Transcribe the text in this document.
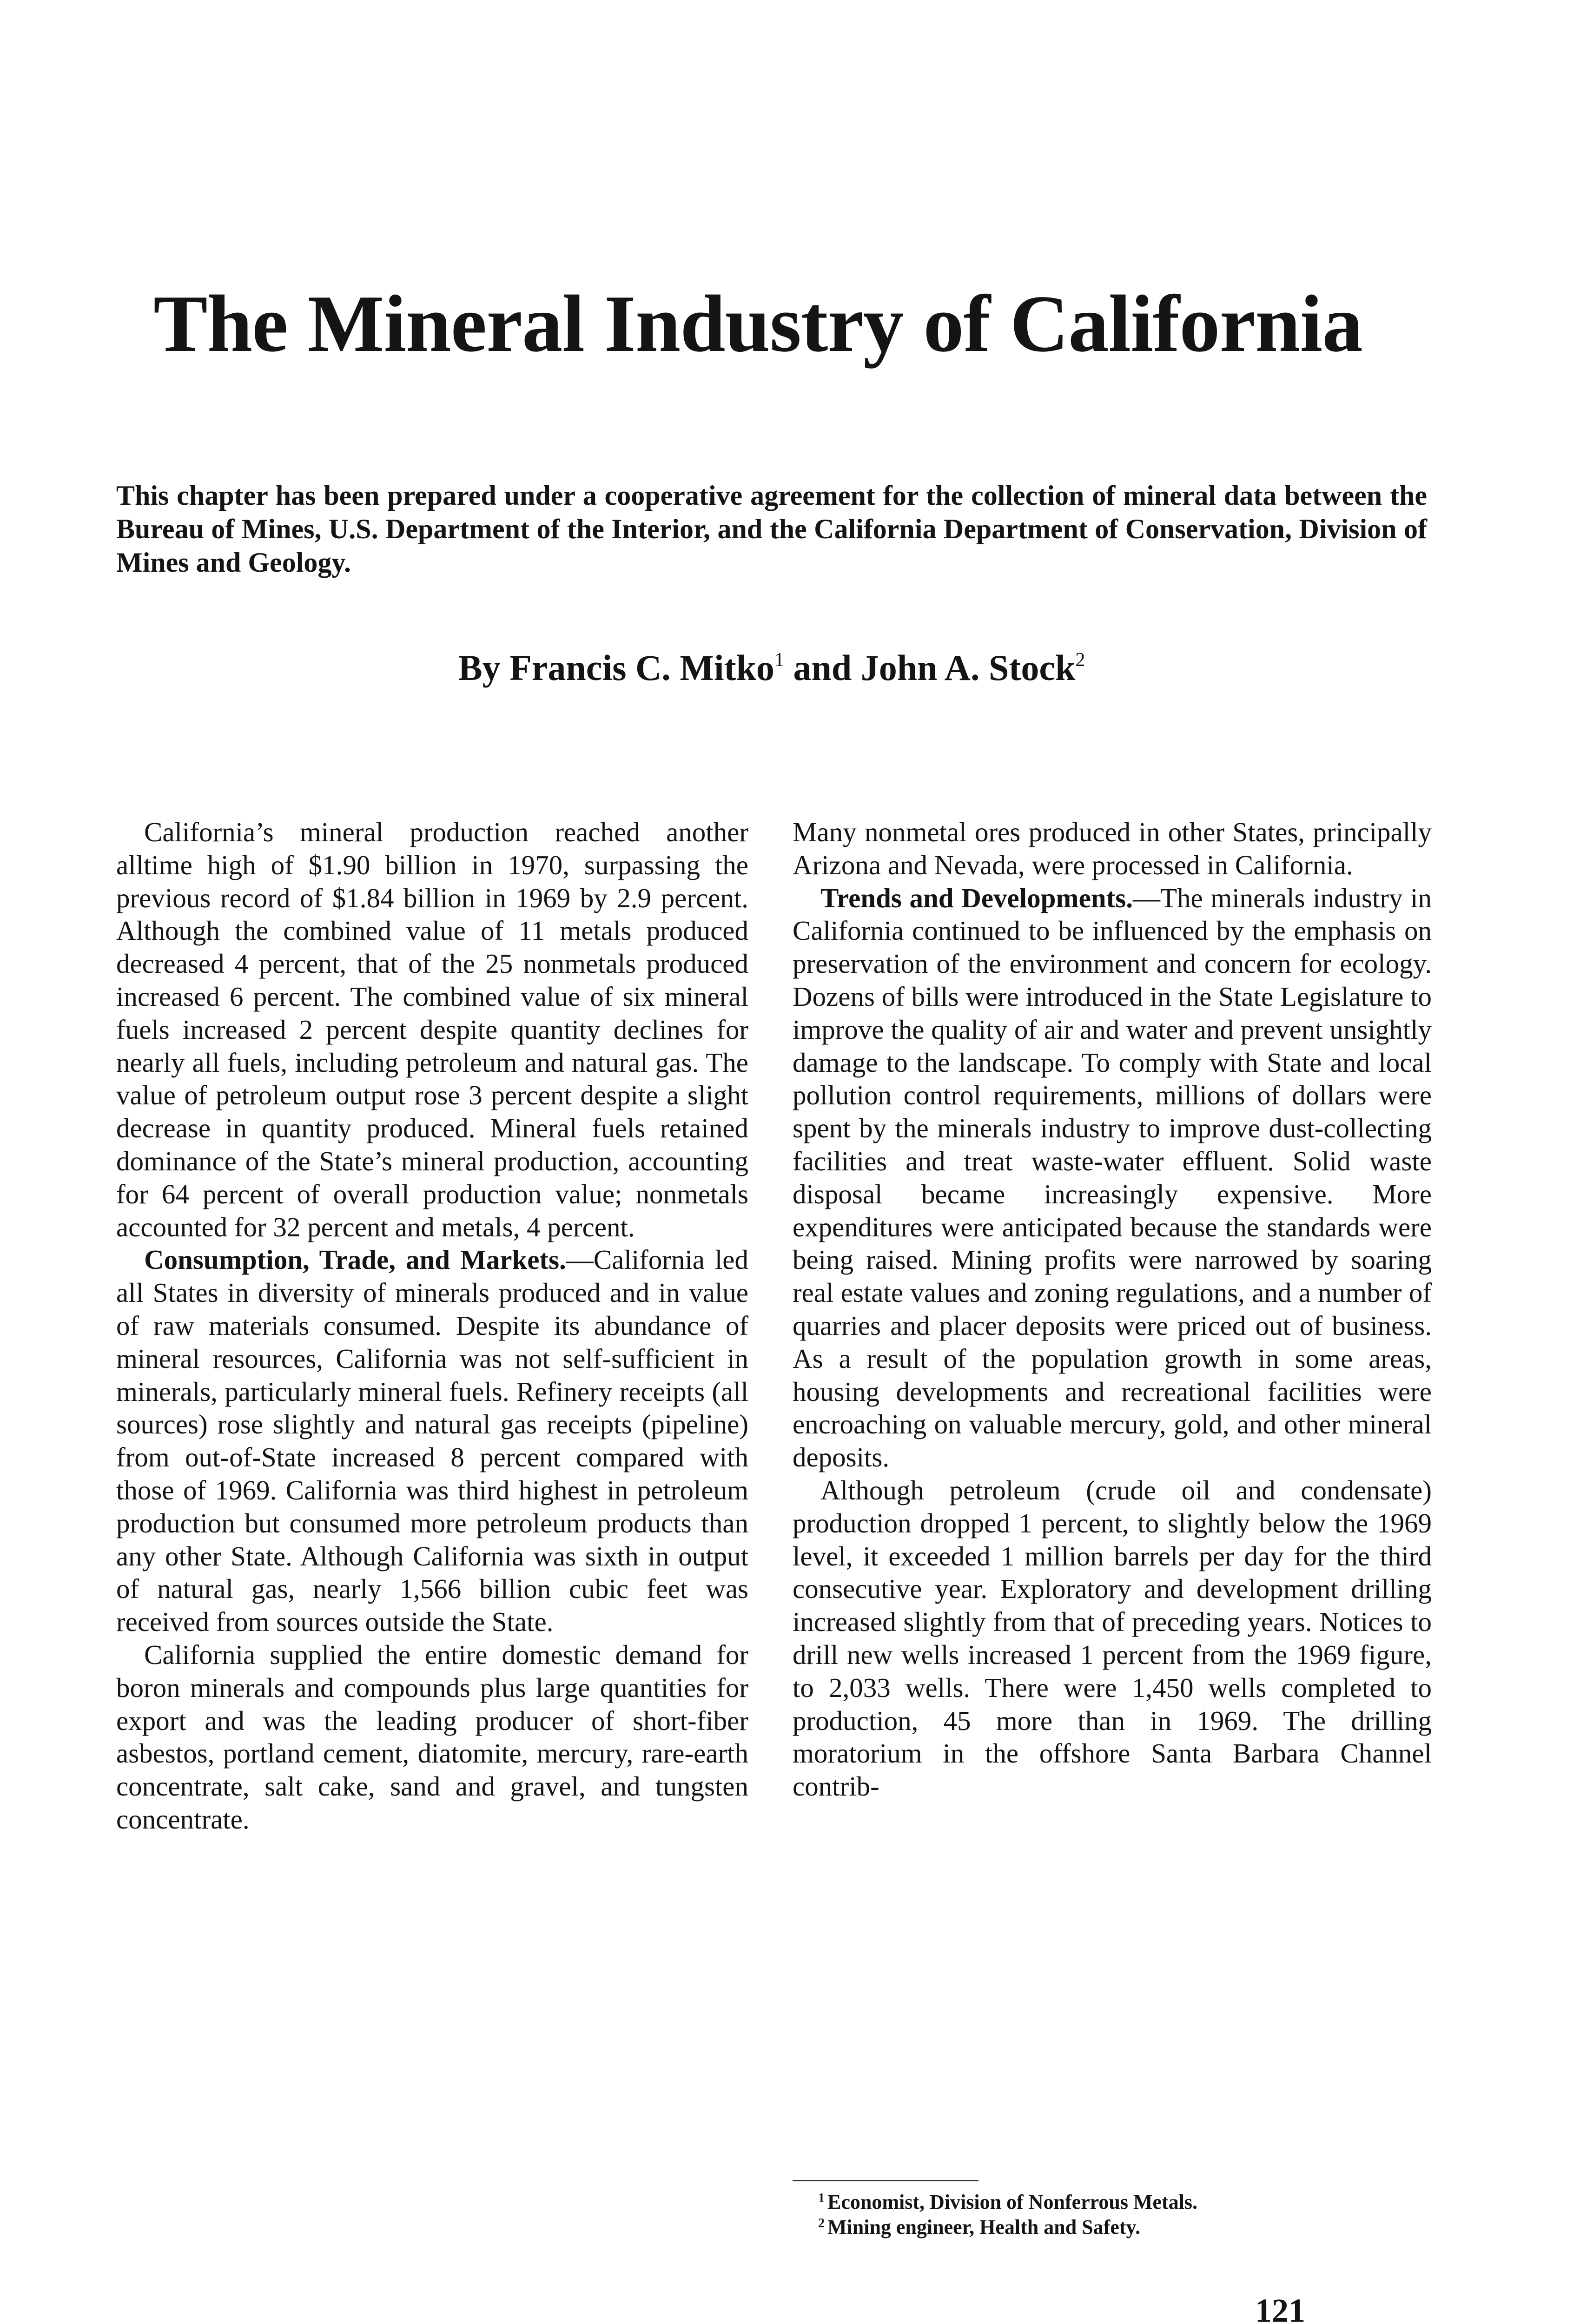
The Mineral Industry of California

This chapter has been prepared under a cooperative agreement for the collection of mineral data between the Bureau of Mines, U.S. Department of the Interior, and the California Department of Conservation, Division of Mines and Geology.

By Francis C. Mitko$^1$ and John A. Stock$^2$

California’s mineral production reached another alltime high of $1.90 billion in 1970, surpassing the previous record of $1.84 billion in 1969 by 2.9 percent. Although the combined value of 11 metals produced decreased 4 percent, that of the 25 nonmetals produced increased 6 percent. The combined value of six mineral fuels increased 2 percent despite quantity declines for nearly all fuels, including petroleum and natural gas. The value of petroleum output rose 3 percent despite a slight decrease in quantity produced. Mineral fuels retained dominance of the State’s mineral production, accounting for 64 percent of overall production value; nonmetals accounted for 32 percent and metals, 4 percent.

Consumption, Trade, and Markets.—California led all States in diversity of minerals produced and in value of raw materials consumed. Despite its abundance of mineral resources, California was not self-sufficient in minerals, particularly mineral fuels. Refinery receipts (all sources) rose slightly and natural gas receipts (pipeline) from out-of-State increased 8 percent compared with those of 1969. California was third highest in petroleum production but consumed more petroleum products than any other State. Although California was sixth in output of natural gas, nearly 1,566 billion cubic feet was received from sources outside the State.

California supplied the entire domestic demand for boron minerals and compounds plus large quantities for export and was the leading producer of short-fiber asbestos, portland cement, diatomite, mercury, rare-earth concentrate, salt cake, sand and gravel, and tungsten concentrate.

Many nonmetal ores produced in other States, principally Arizona and Nevada, were processed in California.

Trends and Developments.—The minerals industry in California continued to be influenced by the emphasis on preservation of the environment and concern for ecology. Dozens of bills were introduced in the State Legislature to improve the quality of air and water and prevent unsightly damage to the landscape. To comply with State and local pollution control requirements, millions of dollars were spent by the minerals industry to improve dust-collecting facilities and treat waste-water effluent. Solid waste disposal became increasingly expensive. More expenditures were anticipated because the standards were being raised. Mining profits were narrowed by soaring real estate values and zoning regulations, and a number of quarries and placer deposits were priced out of business. As a result of the population growth in some areas, housing developments and recreational facilities were encroaching on valuable mercury, gold, and other mineral deposits.

Although petroleum (crude oil and condensate) production dropped 1 percent, to slightly below the 1969 level, it exceeded 1 million barrels per day for the third consecutive year. Exploratory and development drilling increased slightly from that of preceding years. Notices to drill new wells increased 1 percent from the 1969 figure, to 2,033 wells. There were 1,450 wells completed to production, 45 more than in 1969. The drilling moratorium in the offshore Santa Barbara Channel contrib-

$^1$ Economist, Division of Nonferrous Metals.

$^2$ Mining engineer, Health and Safety.

121
